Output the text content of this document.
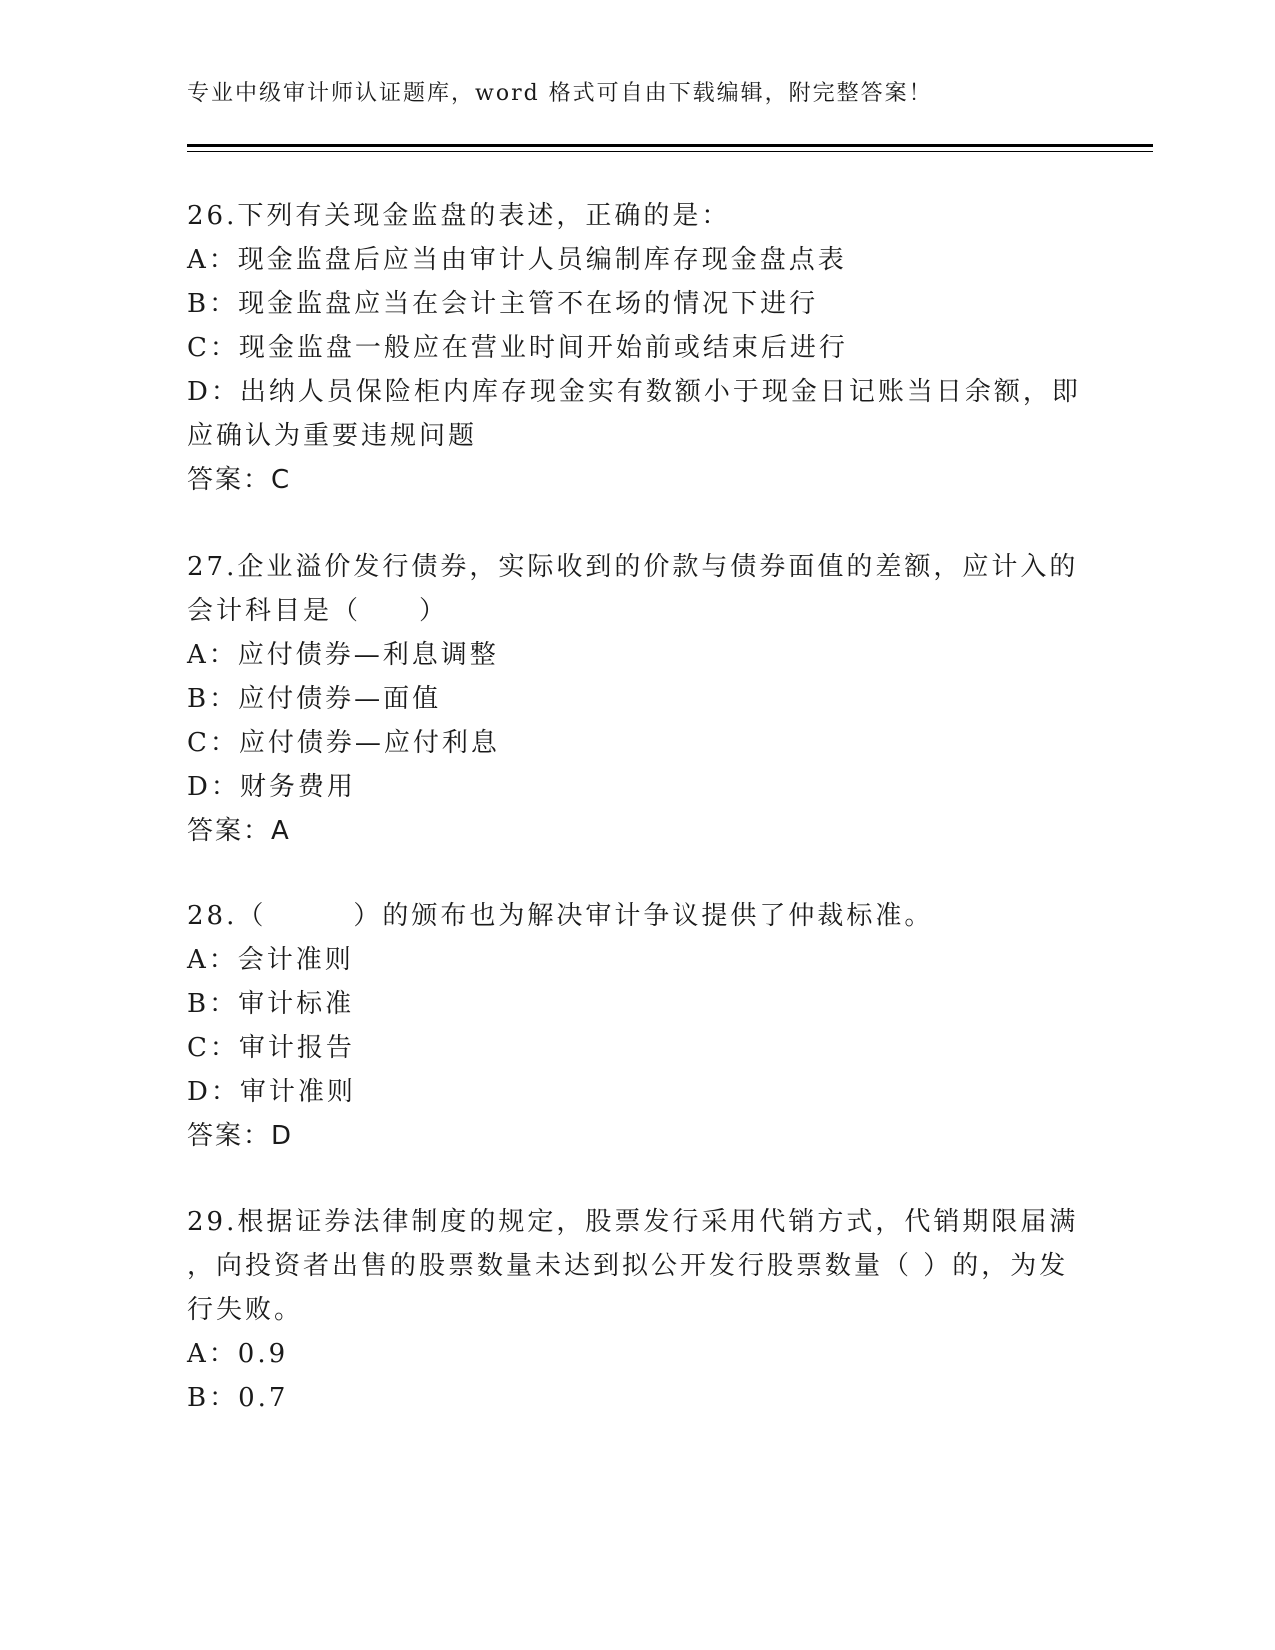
专业中级审计师认证题库，word 格式可自由下载编辑，附完整答案！
26.下列有关现金监盘的表述，正确的是：
A：现金监盘后应当由审计人员编制库存现金盘点表
B：现金监盘应当在会计主管不在场的情况下进行
C：现金监盘一般应在营业时间开始前或结束后进行
D：出纳人员保险柜内库存现金实有数额小于现金日记账当日余额，即
应确认为重要违规问题
答案：C
27.企业溢价发行债券，实际收到的价款与债券面值的差额，应计入的
会计科目是（　　）
A：应付债券—利息调整
B：应付债券—面值
C：应付债券—应付利息
D：财务费用
答案：A
28.（　　　）的颁布也为解决审计争议提供了仲裁标准。
A：会计准则
B：审计标准
C：审计报告
D：审计准则
答案：D
29.根据证券法律制度的规定，股票发行采用代销方式，代销期限届满
，向投资者出售的股票数量未达到拟公开发行股票数量（ ）的，为发
行失败。
A：0.9
B：0.7
